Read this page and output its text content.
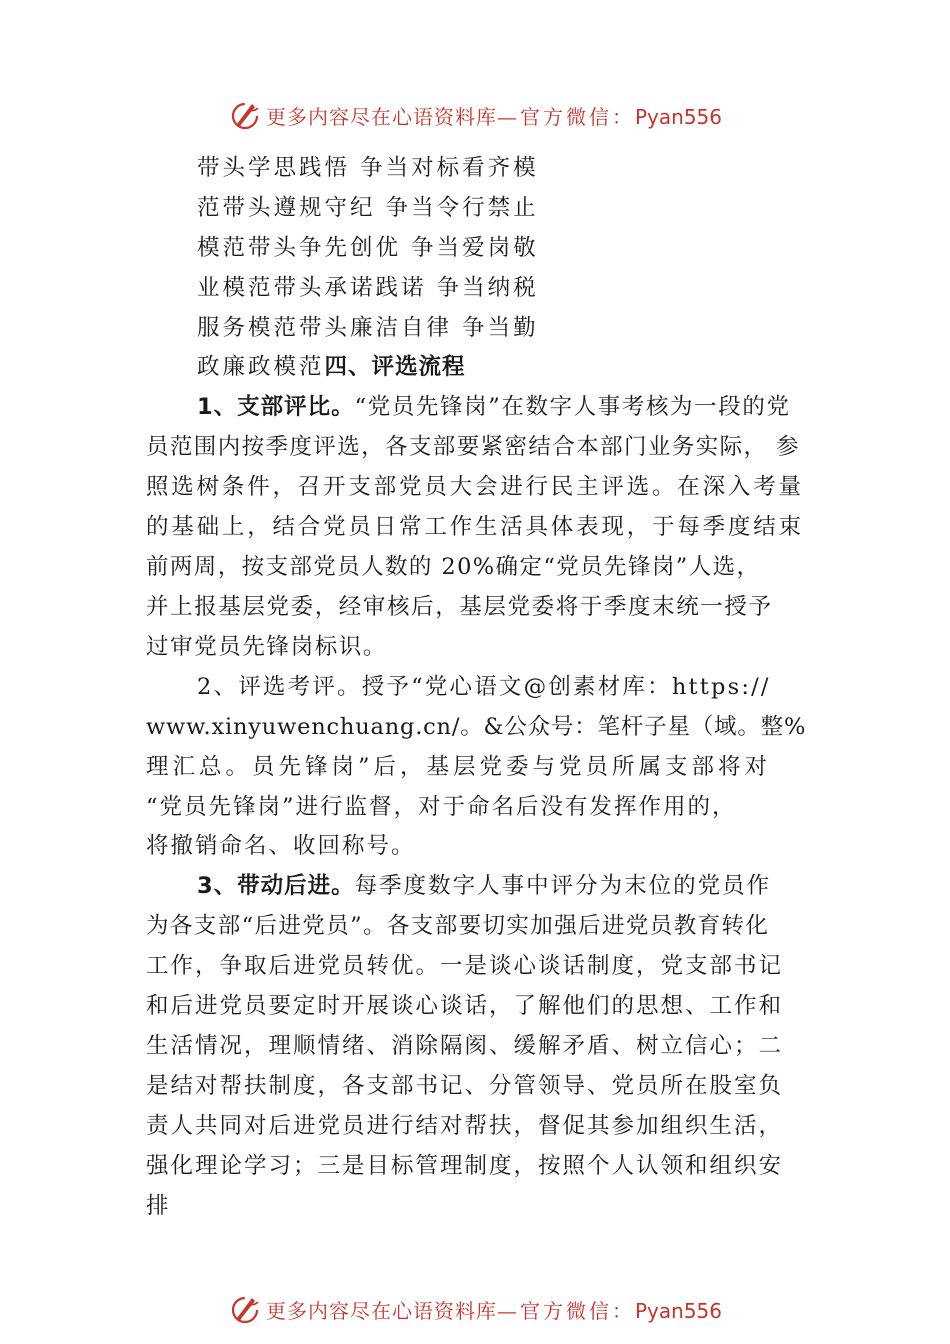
更多内容尽在心语资料库—官方微信：Pyan556
带头学思践悟 争当对标看齐模
范带头遵规守纪 争当令行禁止
模范带头争先创优 争当爱岗敬
业模范带头承诺践诺 争当纳税
服务模范带头廉洁自律 争当勤
政廉政模范四、评选流程
1、支部评比。“党员先锋岗”在数字人事考核为一段的党
员范围内按季度评选，各支部要紧密结合本部门业务实际， 参
照选树条件，召开支部党员大会进行民主评选。在深入考量
的基础上，结合党员日常工作生活具体表现，于每季度结束
前两周，按支部党员人数的 20%确定“党员先锋岗”人选，
并上报基层党委，经审核后，基层党委将于季度末统一授予
过审党员先锋岗标识。
2、评选考评。授予“党心语文@创素材库：https://
www.xinyuwenchuang.cn/。&公众号：笔杆子星（域。整%
理汇总。员先锋岗”后，基层党委与党员所属支部将对
“党员先锋岗”进行监督，对于命名后没有发挥作用的，
将撤销命名、收回称号。
3、带动后进。每季度数字人事中评分为末位的党员作
为各支部“后进党员”。各支部要切实加强后进党员教育转化
工作，争取后进党员转优。一是谈心谈话制度，党支部书记
和后进党员要定时开展谈心谈话，了解他们的思想、工作和
生活情况，理顺情绪、消除隔阂、缓解矛盾、树立信心；二
是结对帮扶制度，各支部书记、分管领导、党员所在股室负
责人共同对后进党员进行结对帮扶，督促其参加组织生活，
强化理论学习；三是目标管理制度，按照个人认领和组织安
排
更多内容尽在心语资料库—官方微信：Pyan556
